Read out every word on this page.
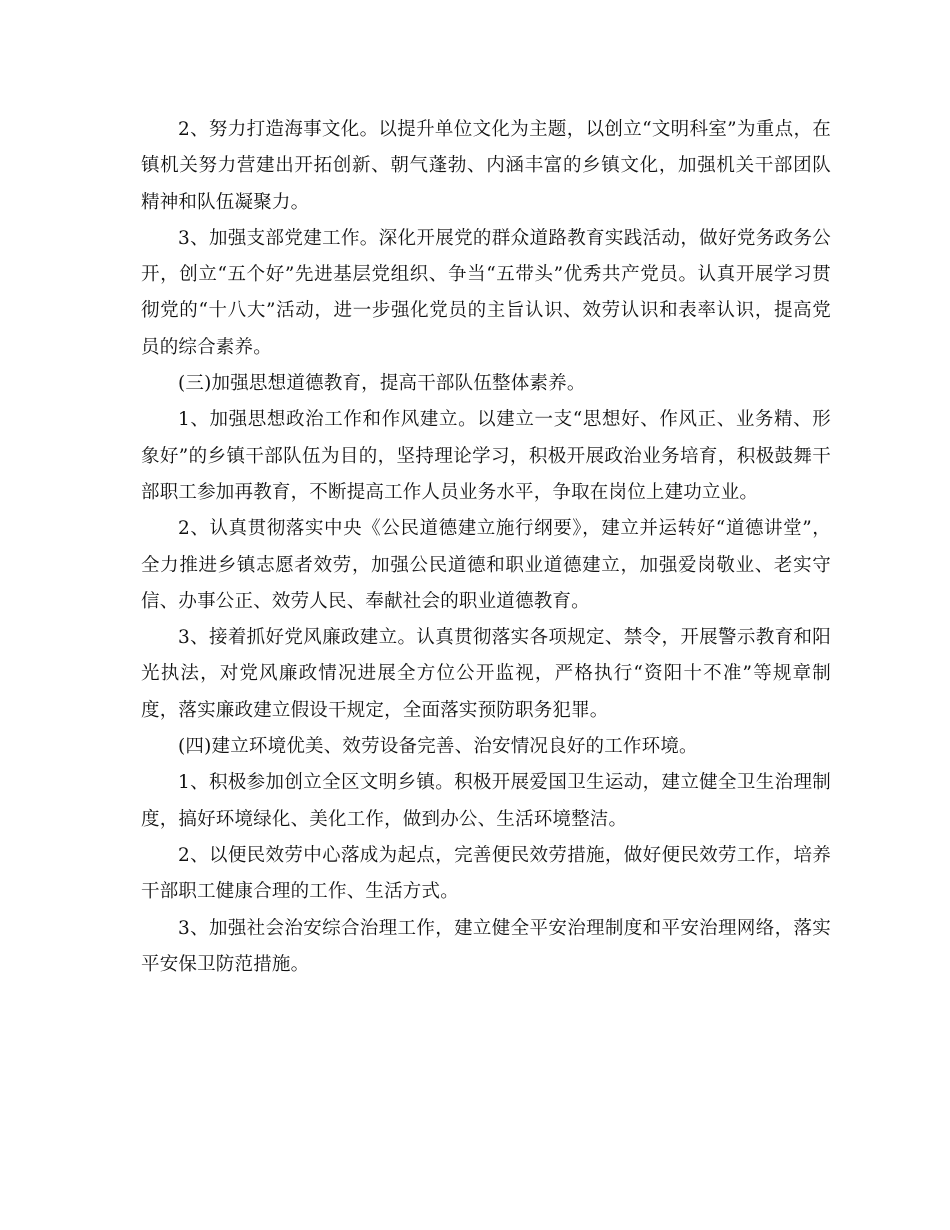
2、努力打造海事文化。以提升单位文化为主题，以创立“文明科室”为重点，在镇机关努力营建出开拓创新、朝气蓬勃、内涵丰富的乡镇文化，加强机关干部团队精神和队伍凝聚力。

3、加强支部党建工作。深化开展党的群众道路教育实践活动，做好党务政务公开，创立“五个好”先进基层党组织、争当“五带头”优秀共产党员。认真开展学习贯彻党的“十八大”活动，进一步强化党员的主旨认识、效劳认识和表率认识，提高党员的综合素养。

(三)加强思想道德教育，提高干部队伍整体素养。

1、加强思想政治工作和作风建立。以建立一支“思想好、作风正、业务精、形象好”的乡镇干部队伍为目的，坚持理论学习，积极开展政治业务培育，积极鼓舞干部职工参加再教育，不断提高工作人员业务水平，争取在岗位上建功立业。

2、认真贯彻落实中央《公民道德建立施行纲要》，建立并运转好“道德讲堂”，全力推进乡镇志愿者效劳，加强公民道德和职业道德建立，加强爱岗敬业、老实守信、办事公正、效劳人民、奉献社会的职业道德教育。

3、接着抓好党风廉政建立。认真贯彻落实各项规定、禁令，开展警示教育和阳光执法，对党风廉政情况进展全方位公开监视，严格执行“资阳十不准”等规章制度，落实廉政建立假设干规定，全面落实预防职务犯罪。

(四)建立环境优美、效劳设备完善、治安情况良好的工作环境。

1、积极参加创立全区文明乡镇。积极开展爱国卫生运动，建立健全卫生治理制度，搞好环境绿化、美化工作，做到办公、生活环境整洁。

2、以便民效劳中心落成为起点，完善便民效劳措施，做好便民效劳工作，培养干部职工健康合理的工作、生活方式。

3、加强社会治安综合治理工作，建立健全平安治理制度和平安治理网络，落实平安保卫防范措施。
